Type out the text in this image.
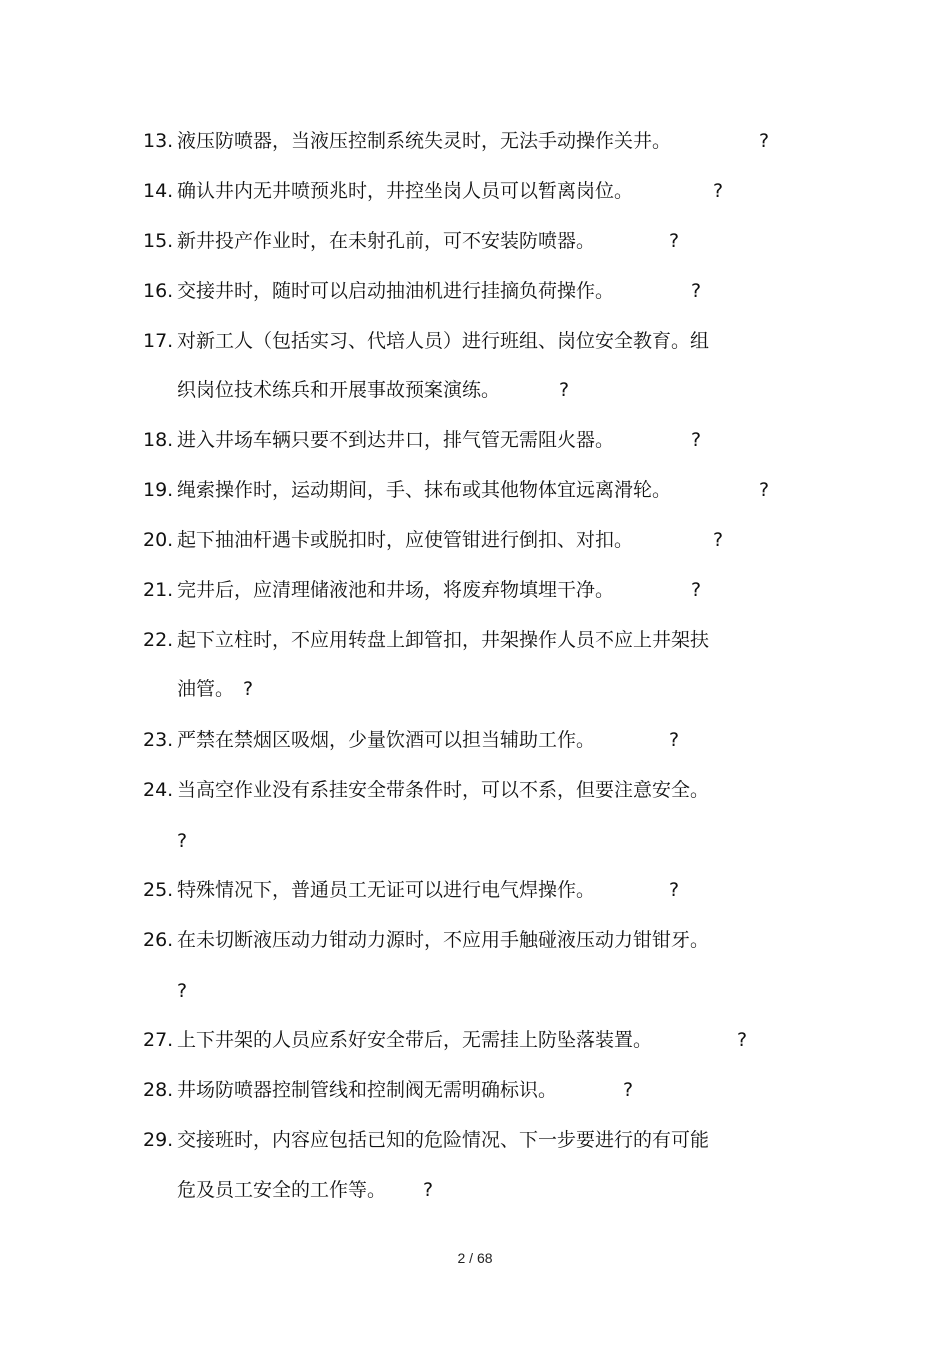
13. 液压防喷器，当液压控制系统失灵时，无法手动操作关井。	?
14. 确认井内无井喷预兆时，井控坐岗人员可以暂离岗位。	?
15. 新井投产作业时，在未射孔前，可不安装防喷器。	?
16. 交接井时，随时可以启动抽油机进行挂摘负荷操作。	?
17. 对新工人（包括实习、代培人员）进行班组、岗位安全教育。组
织岗位技术练兵和开展事故预案演练。	?
18. 进入井场车辆只要不到达井口，排气管无需阻火器。	?
19. 绳索操作时，运动期间，手、抹布或其他物体宜远离滑轮。	?
20. 起下抽油杆遇卡或脱扣时，应使管钳进行倒扣、对扣。	?
21. 完井后，应清理储液池和井场，将废弃物填埋干净。	?
22. 起下立柱时，不应用转盘上卸管扣，井架操作人员不应上井架扶
油管。 ?
23. 严禁在禁烟区吸烟，少量饮酒可以担当辅助工作。	?
24. 当高空作业没有系挂安全带条件时，可以不系，但要注意安全。
?
25. 特殊情况下，普通员工无证可以进行电气焊操作。	?
26. 在未切断液压动力钳动力源时，不应用手触碰液压动力钳钳牙。
?
27. 上下井架的人员应系好安全带后，无需挂上防坠落装置。	?
28. 井场防喷器控制管线和控制阀无需明确标识。	?
29. 交接班时，内容应包括已知的危险情况、下一步要进行的有可能
危及员工安全的工作等。 ?
2 / 68
